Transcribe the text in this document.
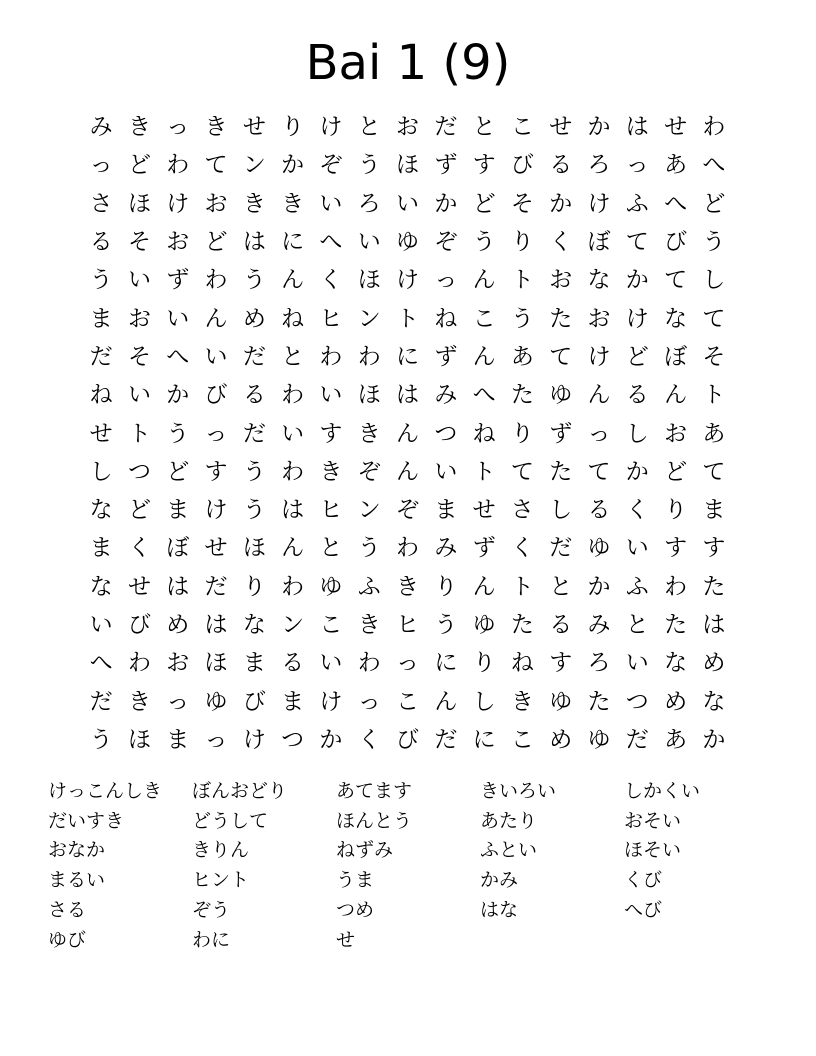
Bai 1 (9)
み き っ き せ り け と お だ と こ せ か は せ わ
っ ど わ て ン か ぞ う ほ ず す び る ろ っ あ へ
さ ほ け お き き い ろ い か ど そ か け ふ へ ど
る そ お ど は に へ い ゆ ぞ う り く ぼ て び う
う い ず わ う ん く ほ け っ ん ト お な か て し
ま お い ん め ね ヒ ン ト ね こ う た お け な て
だ そ へ い だ と わ わ に ず ん あ て け ど ぼ そ
ね い か び る わ い ほ は み へ た ゆ ん る ん ト
せ ト う っ だ い す き ん つ ね り ず っ し お あ
し つ ど す う わ き ぞ ん い ト て た て か ど て
な ど ま け う は ヒ ン ぞ ま せ さ し る く り ま
ま く ぼ せ ほ ん と う わ み ず く だ ゆ い す す
な せ は だ り わ ゆ ふ き り ん ト と か ふ わ た
い び め は な ン こ き ヒ う ゆ た る み と た は
へ わ お ほ ま る い わ っ に り ね す ろ い な め
だ き っ ゆ び ま け っ こ ん し き ゆ た つ め な
う ほ ま っ け つ か く び だ に こ め ゆ だ あ か
けっこんしき
だいすき
おなか
まるい
さる
ゆび
ぼんおどり
どうして
きりん
ヒント
ぞう
わに
あてます
ほんとう
ねずみ
うま
つめ
せ
きいろい
あたり
ふとい
かみ
はな
しかくい
おそい
ほそい
くび
へび
